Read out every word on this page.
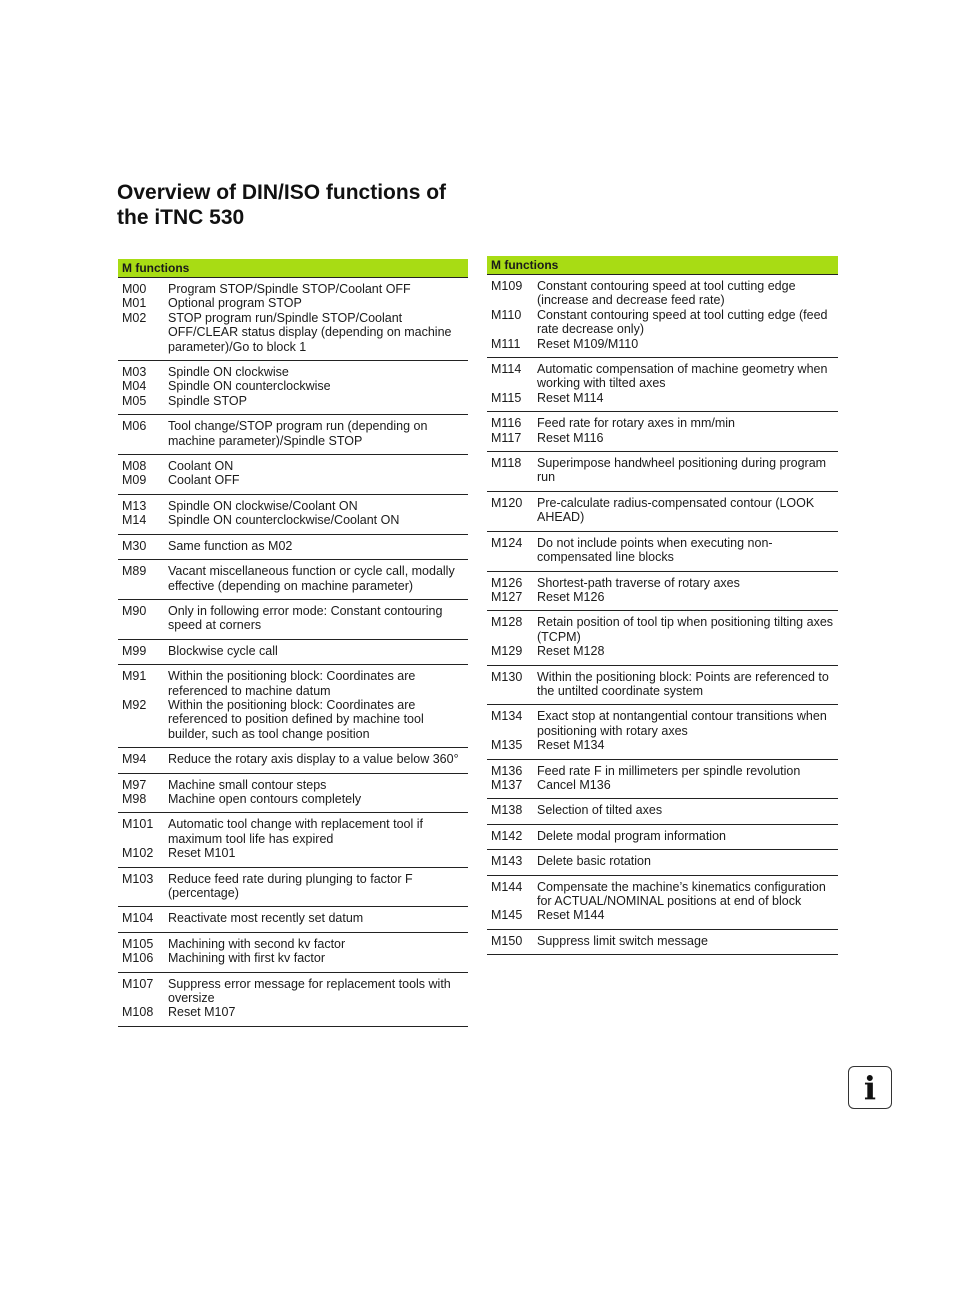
Overview of DIN/ISO functions of
the iTNC 530
M functions
M00	Program STOP/Spindle STOP/Coolant OFF
M01	Optional program STOP
M02	STOP program run/Spindle STOP/Coolant OFF/CLEAR status display (depending on machine parameter)/Go to block 1
M03	Spindle ON clockwise
M04	Spindle ON counterclockwise
M05	Spindle STOP
M06	Tool change/STOP program run (depending on machine parameter)/Spindle STOP
M08	Coolant ON
M09	Coolant OFF
M13	Spindle ON clockwise/Coolant ON
M14	Spindle ON counterclockwise/Coolant ON
M30	Same function as M02
M89	Vacant miscellaneous function or cycle call, modally effective (depending on machine parameter)
M90	Only in following error mode: Constant contouring speed at corners
M99	Blockwise cycle call
M91	Within the positioning block: Coordinates are referenced to machine datum
M92	Within the positioning block: Coordinates are referenced to position defined by machine tool builder, such as tool change position
M94	Reduce the rotary axis display to a value below 360°
M97	Machine small contour steps
M98	Machine open contours completely
M101	Automatic tool change with replacement tool if maximum tool life has expired
M102	Reset M101
M103	Reduce feed rate during plunging to factor F (percentage)
M104	Reactivate most recently set datum
M105	Machining with second kv factor
M106	Machining with first kv factor
M107	Suppress error message for replacement tools with oversize
M108	Reset M107
M functions
M109	Constant contouring speed at tool cutting edge (increase and decrease feed rate)
M110	Constant contouring speed at tool cutting edge (feed rate decrease only)
M111	Reset M109/M110
M114	Automatic compensation of machine geometry when working with tilted axes
M115	Reset M114
M116	Feed rate for rotary axes in mm/min
M117	Reset M116
M118	Superimpose handwheel positioning during program run
M120	Pre-calculate radius-compensated contour (LOOK AHEAD)
M124	Do not include points when executing non-compensated line blocks
M126	Shortest-path traverse of rotary axes
M127	Reset M126
M128	Retain position of tool tip when positioning tilting axes (TCPM)
M129	Reset M128
M130	Within the positioning block: Points are referenced to the untilted coordinate system
M134	Exact stop at nontangential contour transitions when positioning with rotary axes
M135	Reset M134
M136	Feed rate F in millimeters per spindle revolution
M137	Cancel M136
M138	Selection of tilted axes
M142	Delete modal program information
M143	Delete basic rotation
M144	Compensate the machine’s kinematics configuration for ACTUAL/NOMINAL positions at end of block
M145	Reset M144
M150	Suppress limit switch message
i
